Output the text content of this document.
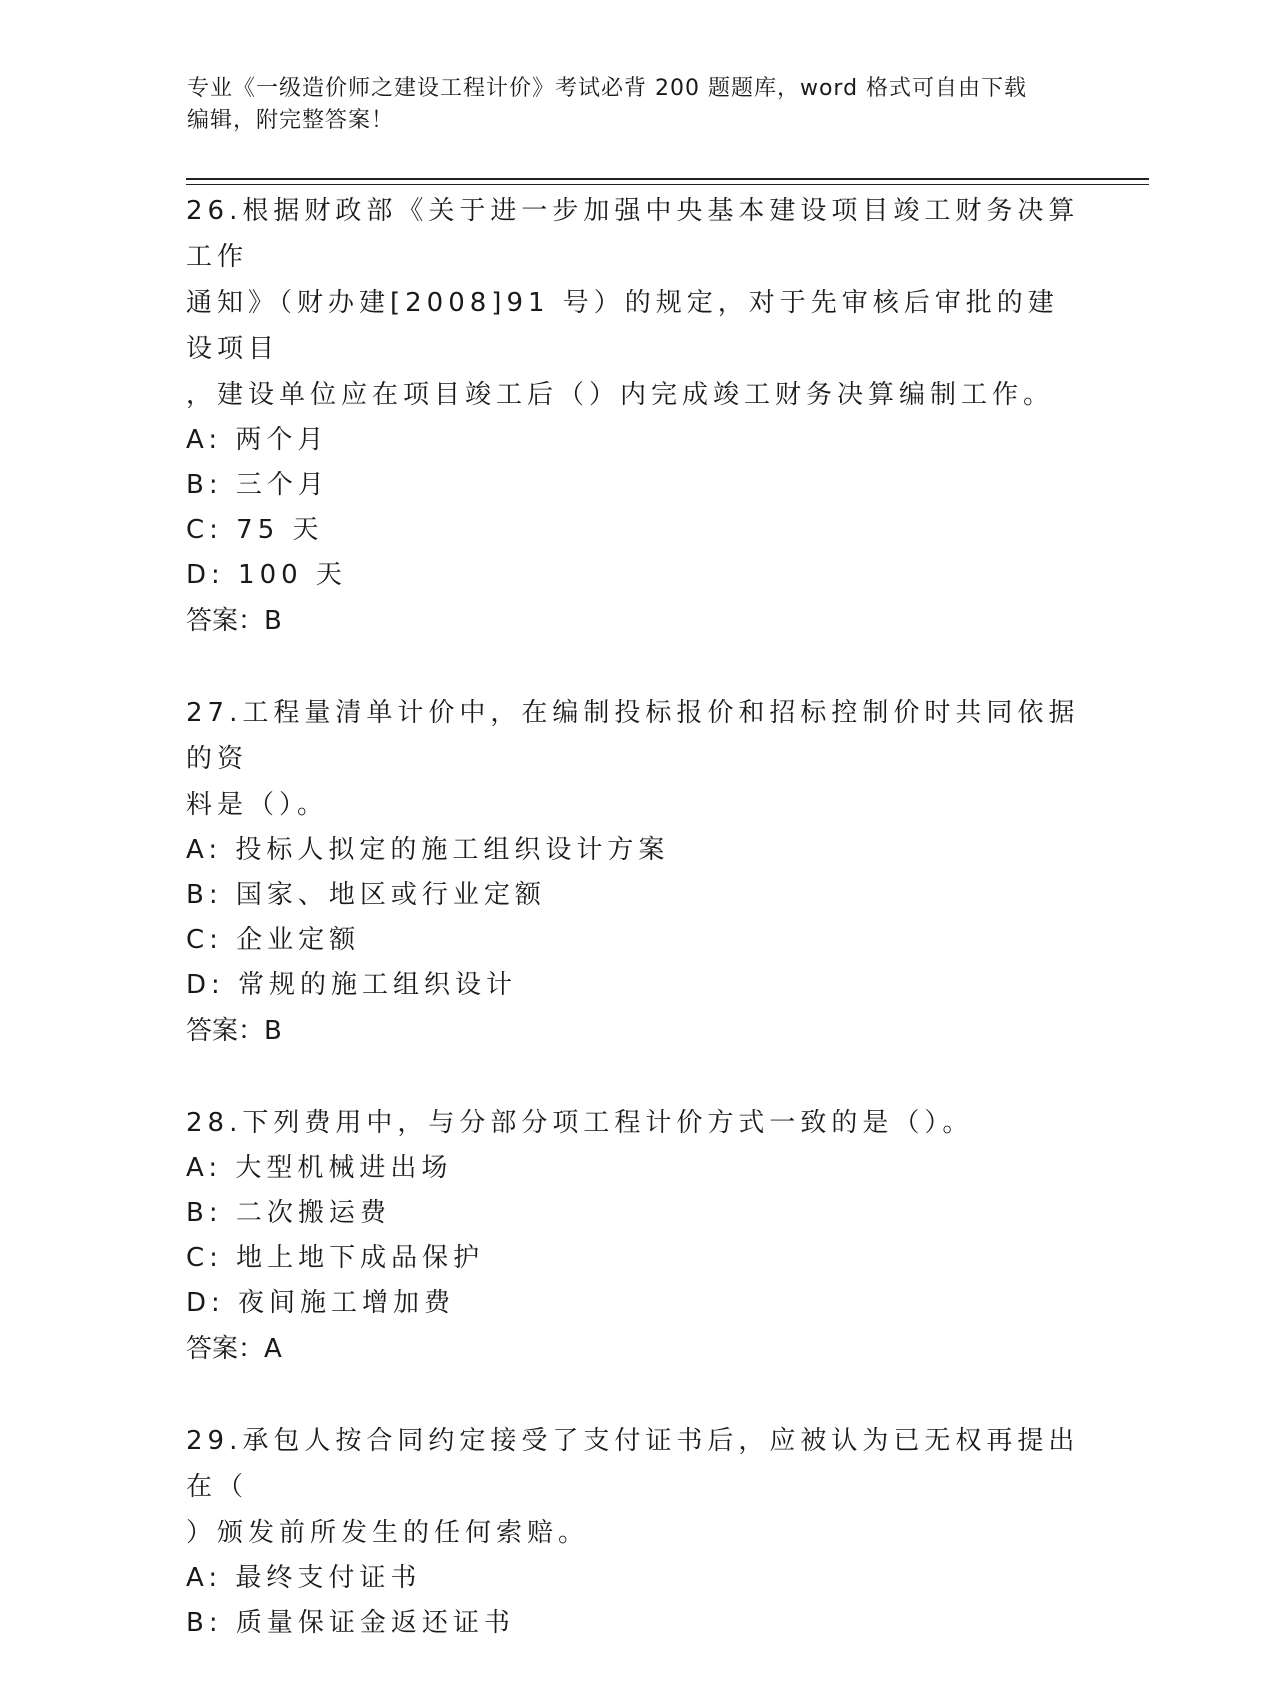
专业《一级造价师之建设工程计价》考试必背 200 题题库，word 格式可自由下载
编辑，附完整答案！
26.根据财政部《关于进一步加强中央基本建设项目竣工财务决算工作
通知》（财办建[2008]91 号）的规定，对于先审核后审批的建设项目
，建设单位应在项目竣工后（）内完成竣工财务决算编制工作。
A: 两个月
B: 三个月
C: 75 天
D: 100 天
答案：B
27.工程量清单计价中，在编制投标报价和招标控制价时共同依据的资
料是（）。
A: 投标人拟定的施工组织设计方案
B: 国家、地区或行业定额
C: 企业定额
D: 常规的施工组织设计
答案：B
28.下列费用中，与分部分项工程计价方式一致的是（）。
A: 大型机械进出场
B: 二次搬运费
C: 地上地下成品保护
D: 夜间施工增加费
答案：A
29.承包人按合同约定接受了支付证书后，应被认为已无权再提出在（
）颁发前所发生的任何索赔。
A: 最终支付证书
B: 质量保证金返还证书
